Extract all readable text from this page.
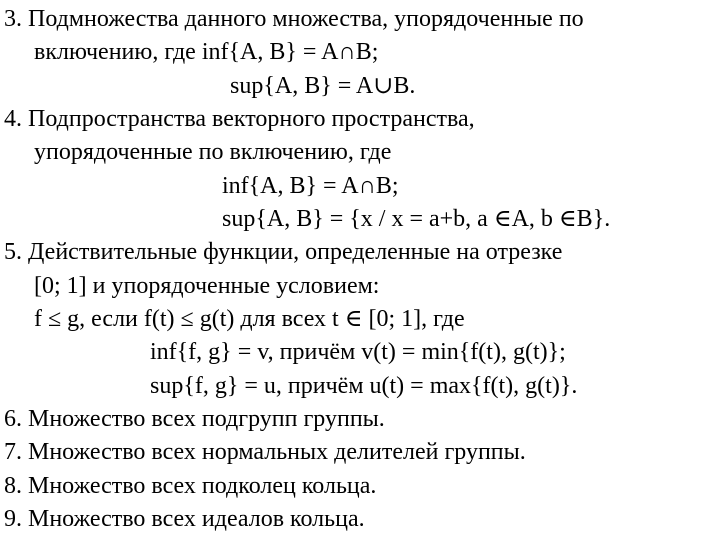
3. Подмножества данного множества, упорядоченные по
включению, где inf{A, B} = A∩B;
sup{A, B} = A∪B.
4. Подпространства векторного пространства,
упорядоченные по включению, где
inf{A, B} = A∩B;
sup{A, B} = {x / x = a+b, a ∈A, b ∈B}.
5. Действительные функции, определенные на отрезке
[0; 1] и упорядоченные условием:
f ≤ g, если f(t) ≤ g(t) для всех t ∈ [0; 1], где
inf{f, g} = v, причём v(t) = min{f(t), g(t)};
sup{f, g} = u, причём u(t) = max{f(t), g(t)}.
6. Множество всех подгрупп группы.
7. Множество всех нормальных делителей группы.
8. Множество всех подколец кольца.
9. Множество всех идеалов кольца.
